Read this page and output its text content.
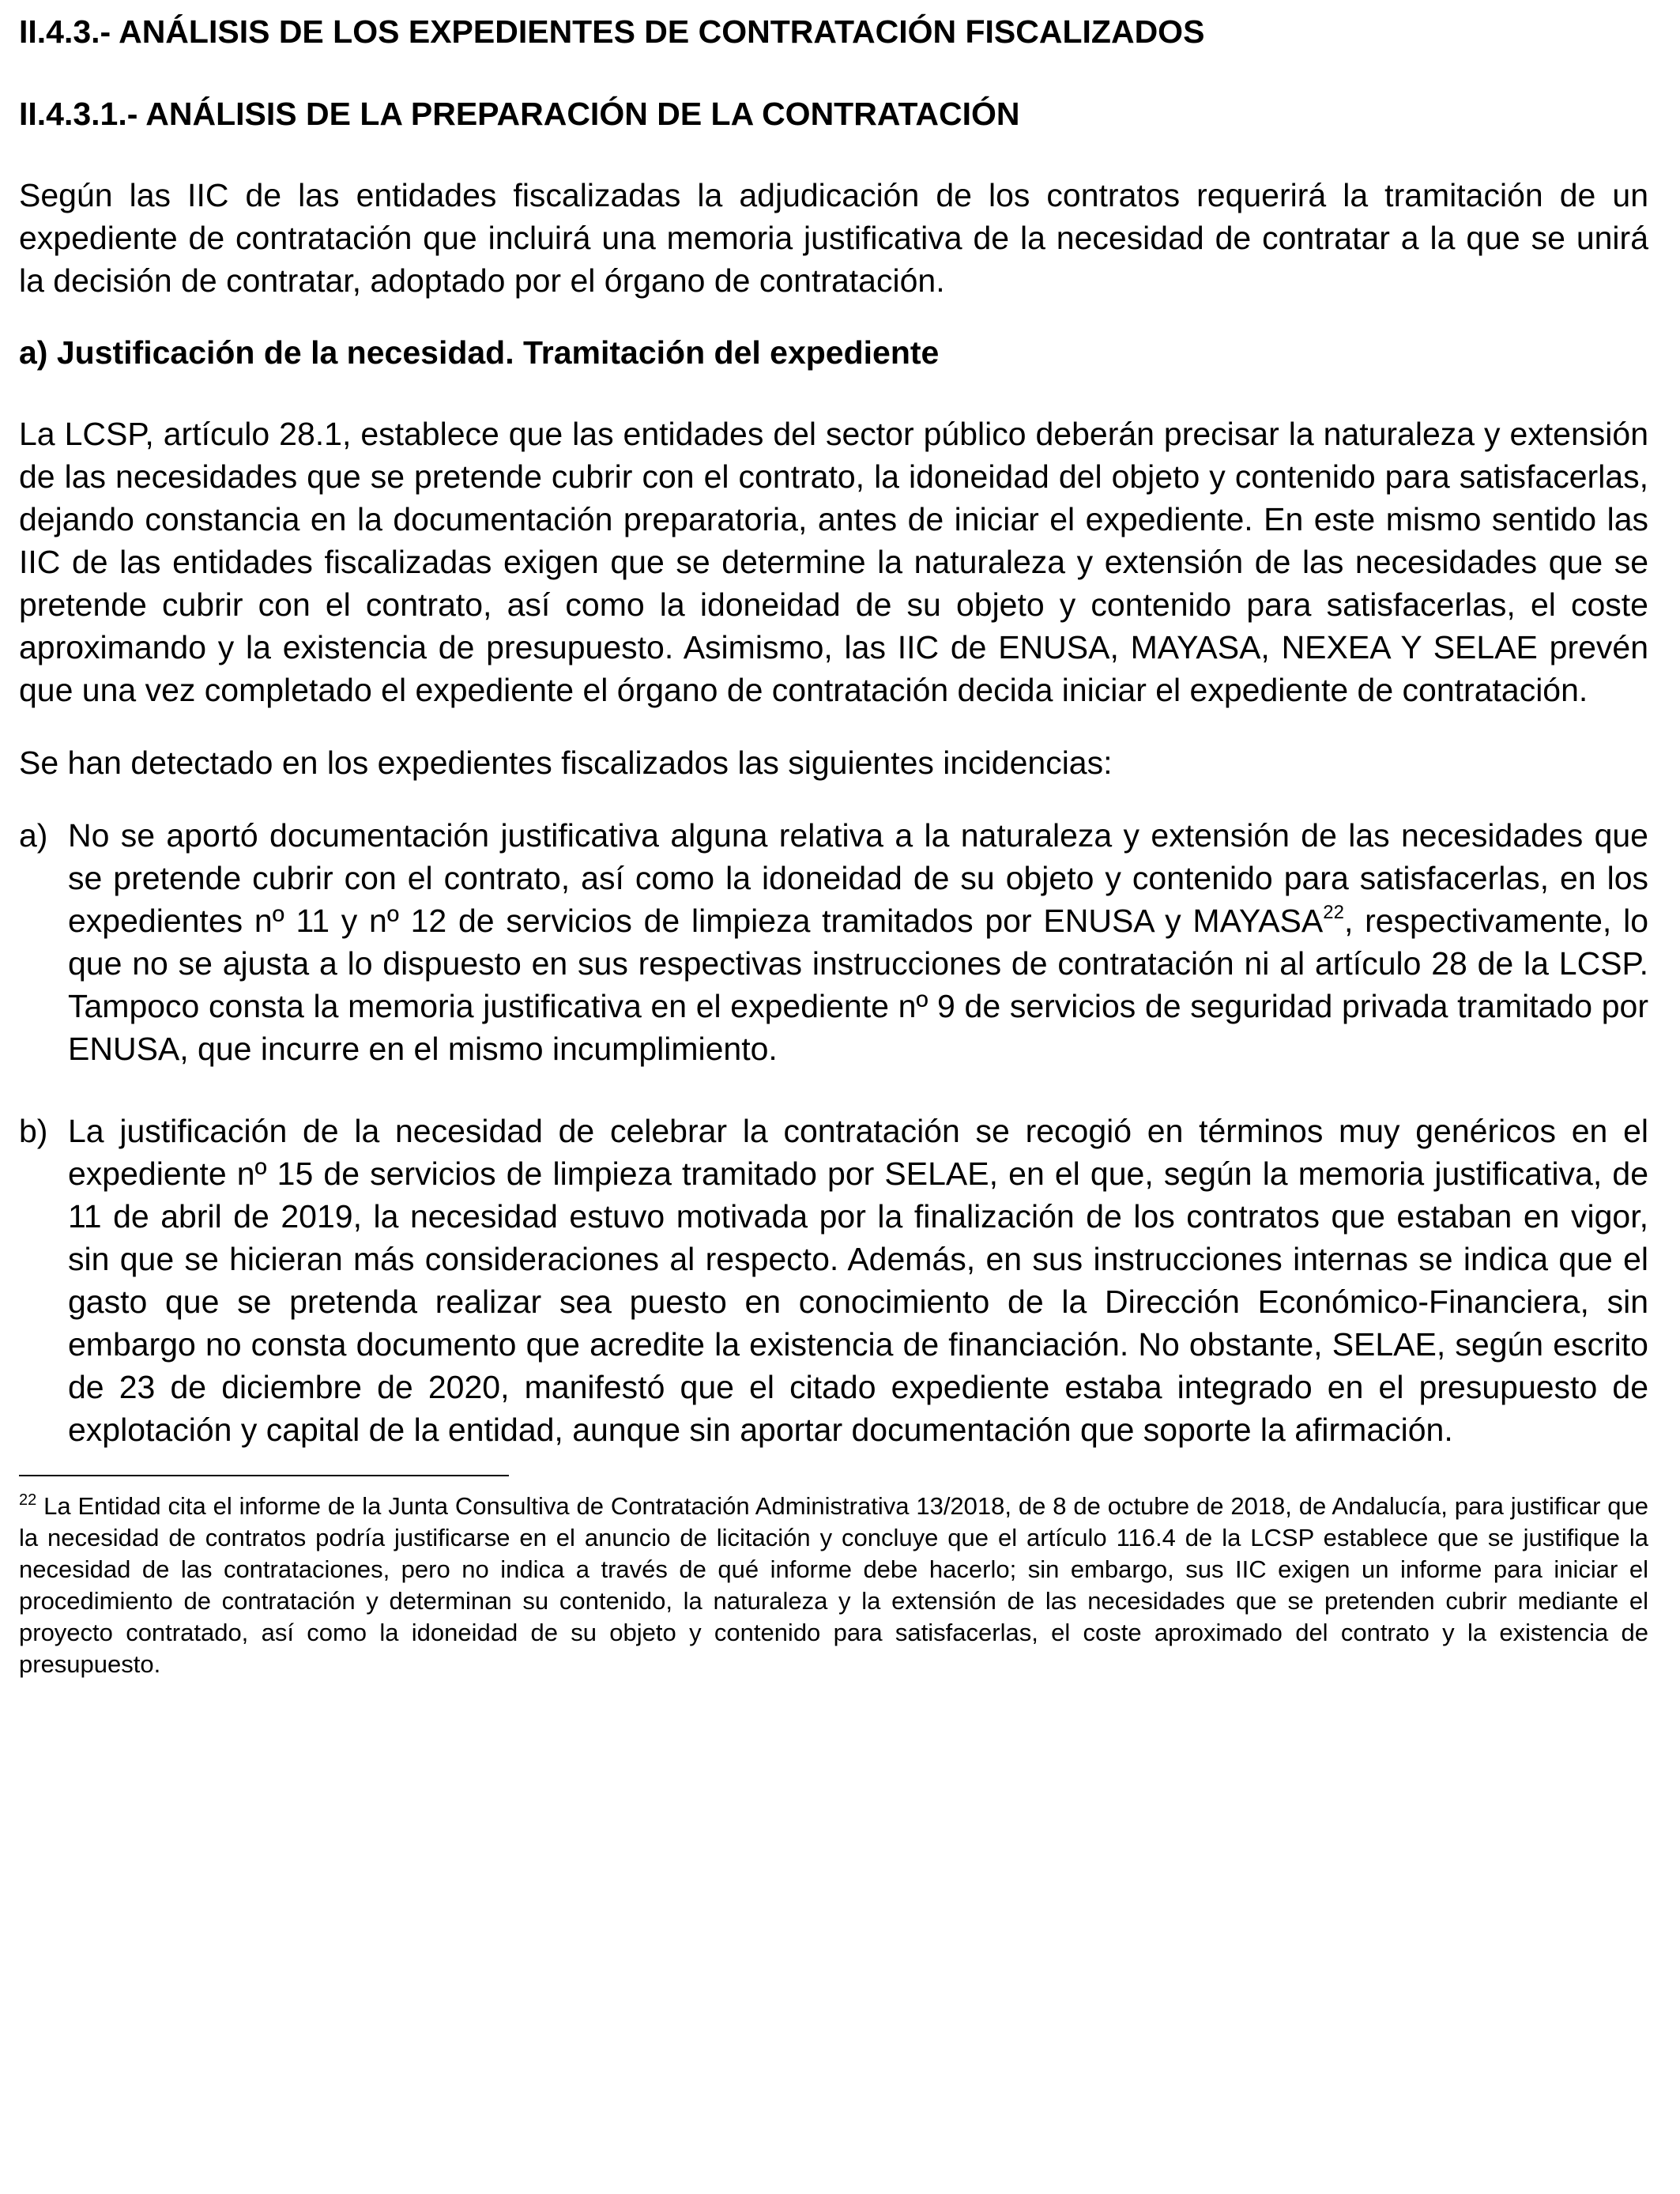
II.4.3.- ANÁLISIS DE LOS EXPEDIENTES DE CONTRATACIÓN FISCALIZADOS
II.4.3.1.- ANÁLISIS DE LA PREPARACIÓN DE LA CONTRATACIÓN

Según las IIC de las entidades fiscalizadas la adjudicación de los contratos requerirá la tramitación de un expediente de contratación que incluirá una memoria justificativa de la necesidad de contratar a la que se unirá la decisión de contratar, adoptado por el órgano de contratación.

a) Justificación de la necesidad. Tramitación del expediente

La LCSP, artículo 28.1, establece que las entidades del sector público deberán precisar la naturaleza y extensión de las necesidades que se pretende cubrir con el contrato, la idoneidad del objeto y contenido para satisfacerlas, dejando constancia en la documentación preparatoria, antes de iniciar el expediente. En este mismo sentido las IIC de las entidades fiscalizadas exigen que se determine la naturaleza y extensión de las necesidades que se pretende cubrir con el contrato, así como la idoneidad de su objeto y contenido para satisfacerlas, el coste aproximando y la existencia de presupuesto. Asimismo, las IIC de ENUSA, MAYASA, NEXEA Y SELAE prevén que una vez completado el expediente el órgano de contratación decida iniciar el expediente de contratación.

Se han detectado en los expedientes fiscalizados las siguientes incidencias:

a) No se aportó documentación justificativa alguna relativa a la naturaleza y extensión de las necesidades que se pretende cubrir con el contrato, así como la idoneidad de su objeto y contenido para satisfacerlas, en los expedientes nº 11 y nº 12 de servicios de limpieza tramitados por ENUSA y MAYASA$^{22}$, respectivamente, lo que no se ajusta a lo dispuesto en sus respectivas instrucciones de contratación ni al artículo 28 de la LCSP. Tampoco consta la memoria justificativa en el expediente nº 9 de servicios de seguridad privada tramitado por ENUSA, que incurre en el mismo incumplimiento.

b) La justificación de la necesidad de celebrar la contratación se recogió en términos muy genéricos en el expediente nº 15 de servicios de limpieza tramitado por SELAE, en el que, según la memoria justificativa, de 11 de abril de 2019, la necesidad estuvo motivada por la finalización de los contratos que estaban en vigor, sin que se hicieran más consideraciones al respecto. Además, en sus instrucciones internas se indica que el gasto que se pretenda realizar sea puesto en conocimiento de la Dirección Económico-Financiera, sin embargo no consta documento que acredite la existencia de financiación. No obstante, SELAE, según escrito de 23 de diciembre de 2020, manifestó que el citado expediente estaba integrado en el presupuesto de explotación y capital de la entidad, aunque sin aportar documentación que soporte la afirmación.

$^{22}$ La Entidad cita el informe de la Junta Consultiva de Contratación Administrativa 13/2018, de 8 de octubre de 2018, de Andalucía, para justificar que la necesidad de contratos podría justificarse en el anuncio de licitación y concluye que el artículo 116.4 de la LCSP establece que se justifique la necesidad de las contrataciones, pero no indica a través de qué informe debe hacerlo; sin embargo, sus IIC exigen un informe para iniciar el procedimiento de contratación y determinan su contenido, la naturaleza y la extensión de las necesidades que se pretenden cubrir mediante el proyecto contratado, así como la idoneidad de su objeto y contenido para satisfacerlas, el coste aproximado del contrato y la existencia de presupuesto.
